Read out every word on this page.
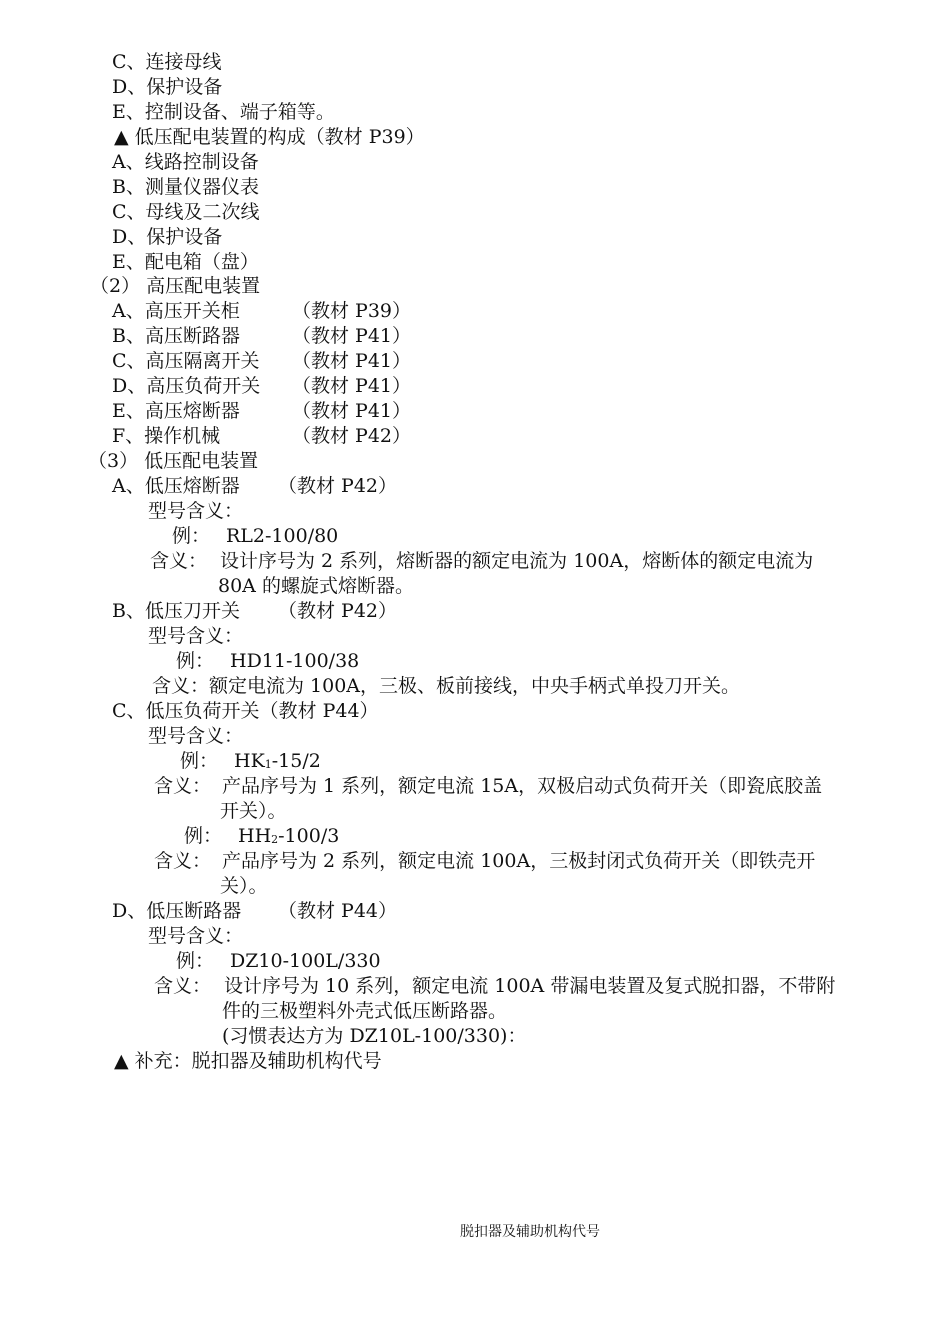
C、连接母线
D、保护设备
E、控制设备、端子箱等。
▲ 低压配电装置的构成（教材 P39）
A、线路控制设备
B、测量仪器仪表
C、母线及二次线
D、保护设备
E、配电箱（盘）
（2） 高压配电装置
A、高压开关柜	（教材 P39）
B、高压断路器	（教材 P41）
C、高压隔离开关 （教材 P41）
D、高压负荷开关 （教材 P41）
E、高压熔断器	（教材 P41）
F、操作机械	（教材 P42）
（3） 低压配电装置
A、低压熔断器 （教材 P42）
型号含义：
例： RL2-100/80
含义： 设计序号为 2 系列，熔断器的额定电流为 100A，熔断体的额定电流为
80A 的螺旋式熔断器。
B、低压刀开关 （教材 P42）
型号含义：
例： HD11-100/38
含义：额定电流为 100A，三极、板前接线，中央手柄式单投刀开关。
C、低压负荷开关（教材 P44）
型号含义：
例： $HK_1-15/2$
含义： 产品序号为 1 系列，额定电流 15A，双极启动式负荷开关（即瓷底胶盖
开关）。
例： $HH_2-100/3$
含义： 产品序号为 2 系列，额定电流 100A，三极封闭式负荷开关（即铁壳开
关）。
D、低压断路器 （教材 P44）
型号含义：
例： DZ10-100L/330
含义： 设计序号为 10 系列，额定电流 100A 带漏电装置及复式脱扣器，不带附
件的三极塑料外壳式低压断路器。
(习惯表达方为 DZ10L-100/330)：
▲ 补充：脱扣器及辅助机构代号
脱扣器及辅助机构代号
